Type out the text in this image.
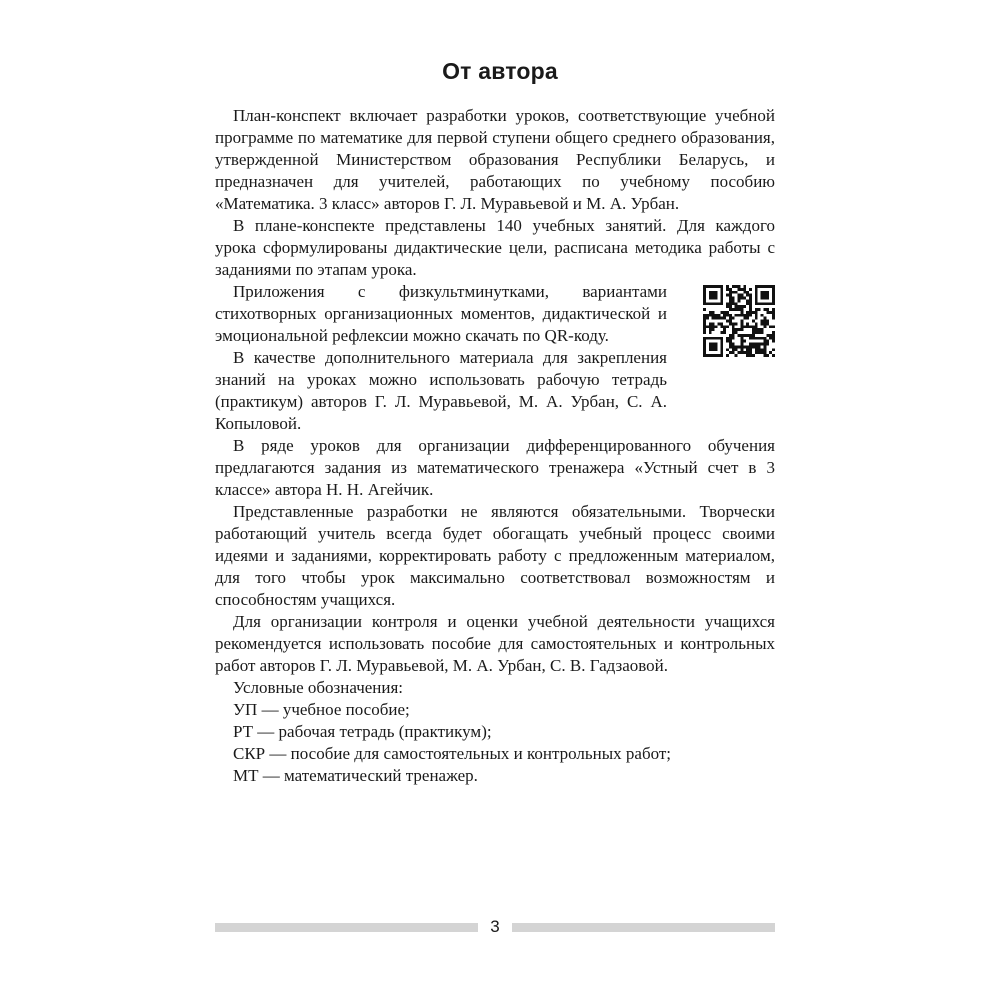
От автора

План-конспект включает разработки уроков, соответствующие учебной программе по математике для первой ступени общего среднего образования, утвержденной Министерством образования Республики Беларусь, и предназначен для учителей, работающих по учебному пособию «Математика. 3 класс» авторов Г. Л. Муравьевой и М. А. Урбан.

В плане-конспекте представлены 140 учебных занятий. Для каждого урока сформулированы дидактические цели, расписана методика работы с заданиями по этапам урока.

Приложения с физкультминутками, вариантами стихотворных организационных моментов, дидактической и эмоциональной рефлексии можно скачать по QR-коду.

В качестве дополнительного материала для закрепления знаний на уроках можно использовать рабочую тетрадь (практикум) авторов Г. Л. Муравьевой, М. А. Урбан, С. А. Копыловой.

В ряде уроков для организации дифференцированного обучения предлагаются задания из математического тренажера «Устный счет в 3 классе» автора Н. Н. Агейчик.

Представленные разработки не являются обязательными. Творчески работающий учитель всегда будет обогащать учебный процесс своими идеями и заданиями, корректировать работу с предложенным материалом, для того чтобы урок максимально соответствовал возможностям и способностям учащихся.

Для организации контроля и оценки учебной деятельности учащихся рекомендуется использовать пособие для самостоятельных и контрольных работ авторов Г. Л. Муравьевой, М. А. Урбан, С. В. Гадзаовой.

Условные обозначения:

УП — учебное пособие;

РТ — рабочая тетрадь (практикум);

СКР — пособие для самостоятельных и контрольных работ;

МТ — математический тренажер.

3
